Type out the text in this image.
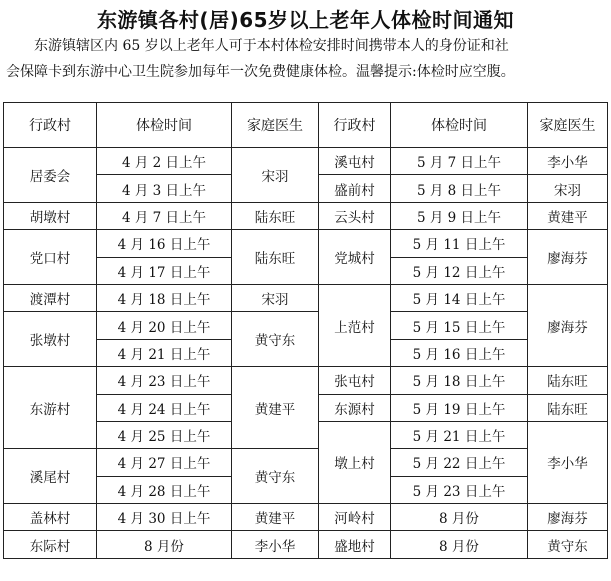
东游镇各村(居)65岁以上老年人体检时间通知
东游镇辖区内 65 岁以上老年人可于本村体检安排时间携带本人的身份证和社
会保障卡到东游中心卫生院参加每年一次免费健康体检。温馨提示:体检时应空腹。
行政村	体检时间	家庭医生	行政村	体检时间	家庭医生
居委会	4 月 2 日上午	宋羽	溪屯村	5 月 7 日上午	李小华
	4 月 3 日上午		盛前村	5 月 8 日上午	宋羽
胡墩村	4 月 7 日上午	陆东旺	云头村	5 月 9 日上午	黄建平
党口村	4 月 16 日上午	陆东旺	党城村	5 月 11 日上午	廖海芬
	4 月 17 日上午			5 月 12 日上午	
渡潭村	4 月 18 日上午	宋羽	上范村	5 月 14 日上午	廖海芬
张墩村	4 月 20 日上午	黄守东		5 月 15 日上午	
	4 月 21 日上午			5 月 16 日上午	
东游村	4 月 23 日上午	黄建平	张屯村	5 月 18 日上午	陆东旺
	4 月 24 日上午		东源村	5 月 19 日上午	陆东旺
	4 月 25 日上午		墩上村	5 月 21 日上午	李小华
溪尾村	4 月 27 日上午	黄守东		5 月 22 日上午	
	4 月 28 日上午			5 月 23 日上午	
盖林村	4 月 30 日上午	黄建平	河岭村	8 月份	廖海芬
东际村	8 月份	李小华	盛地村	8 月份	黄守东
